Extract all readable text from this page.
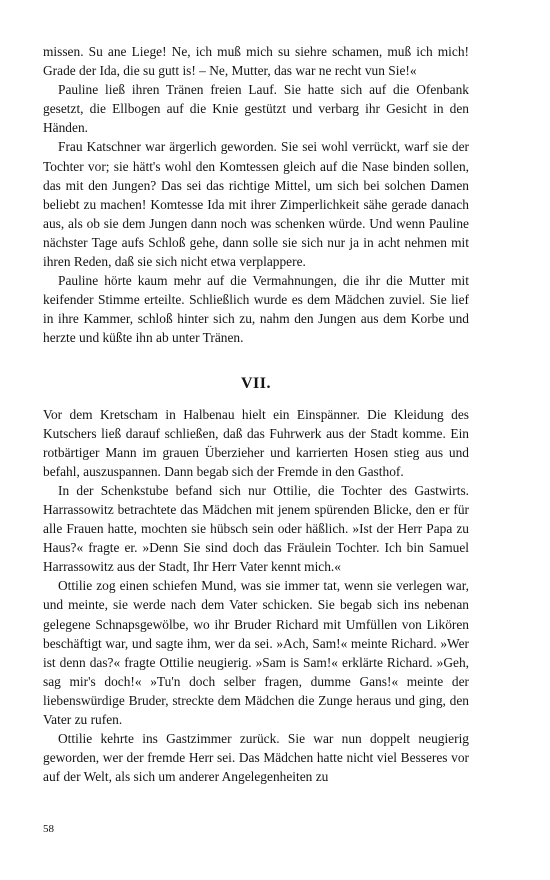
missen. Su ane Liege! Ne, ich muß mich su siehre schamen, muß ich mich! Grade der Ida, die su gutt is! – Ne, Mutter, das war ne recht vun Sie!«

Pauline ließ ihren Tränen freien Lauf. Sie hatte sich auf die Ofenbank gesetzt, die Ellbogen auf die Knie gestützt und verbarg ihr Gesicht in den Händen.

Frau Katschner war ärgerlich geworden. Sie sei wohl verrückt, warf sie der Tochter vor; sie hätt's wohl den Komtessen gleich auf die Nase binden sollen, das mit den Jungen? Das sei das richtige Mittel, um sich bei solchen Damen beliebt zu machen! Komtesse Ida mit ihrer Zimperlichkeit sähe gerade danach aus, als ob sie dem Jungen dann noch was schenken würde. Und wenn Pauline nächster Tage aufs Schloß gehe, dann solle sie sich nur ja in acht nehmen mit ihren Reden, daß sie sich nicht etwa verplappere.

Pauline hörte kaum mehr auf die Vermahnungen, die ihr die Mutter mit keifender Stimme erteilte. Schließlich wurde es dem Mädchen zuviel. Sie lief in ihre Kammer, schloß hinter sich zu, nahm den Jungen aus dem Korbe und herzte und küßte ihn ab unter Tränen.

VII.

Vor dem Kretscham in Halbenau hielt ein Einspänner. Die Kleidung des Kutschers ließ darauf schließen, daß das Fuhrwerk aus der Stadt komme. Ein rotbärtiger Mann im grauen Überzieher und karrierten Hosen stieg aus und befahl, auszuspannen. Dann begab sich der Fremde in den Gasthof.

In der Schenkstube befand sich nur Ottilie, die Tochter des Gastwirts. Harrassowitz betrachtete das Mädchen mit jenem spürenden Blicke, den er für alle Frauen hatte, mochten sie hübsch sein oder häßlich. »Ist der Herr Papa zu Haus?« fragte er. »Denn Sie sind doch das Fräulein Tochter. Ich bin Samuel Harrassowitz aus der Stadt, Ihr Herr Vater kennt mich.«

Ottilie zog einen schiefen Mund, was sie immer tat, wenn sie verlegen war, und meinte, sie werde nach dem Vater schicken. Sie begab sich ins nebenan gelegene Schnapsgewölbe, wo ihr Bruder Richard mit Umfüllen von Likören beschäftigt war, und sagte ihm, wer da sei. »Ach, Sam!« meinte Richard. »Wer ist denn das?« fragte Ottilie neugierig. »Sam is Sam!« erklärte Richard. »Geh, sag mir's doch!« »Tu'n doch selber fragen, dumme Gans!« meinte der liebenswürdige Bruder, streckte dem Mädchen die Zunge heraus und ging, den Vater zu rufen.

Ottilie kehrte ins Gastzimmer zurück. Sie war nun doppelt neugierig geworden, wer der fremde Herr sei. Das Mädchen hatte nicht viel Besseres vor auf der Welt, als sich um anderer Angelegenheiten zu

58
